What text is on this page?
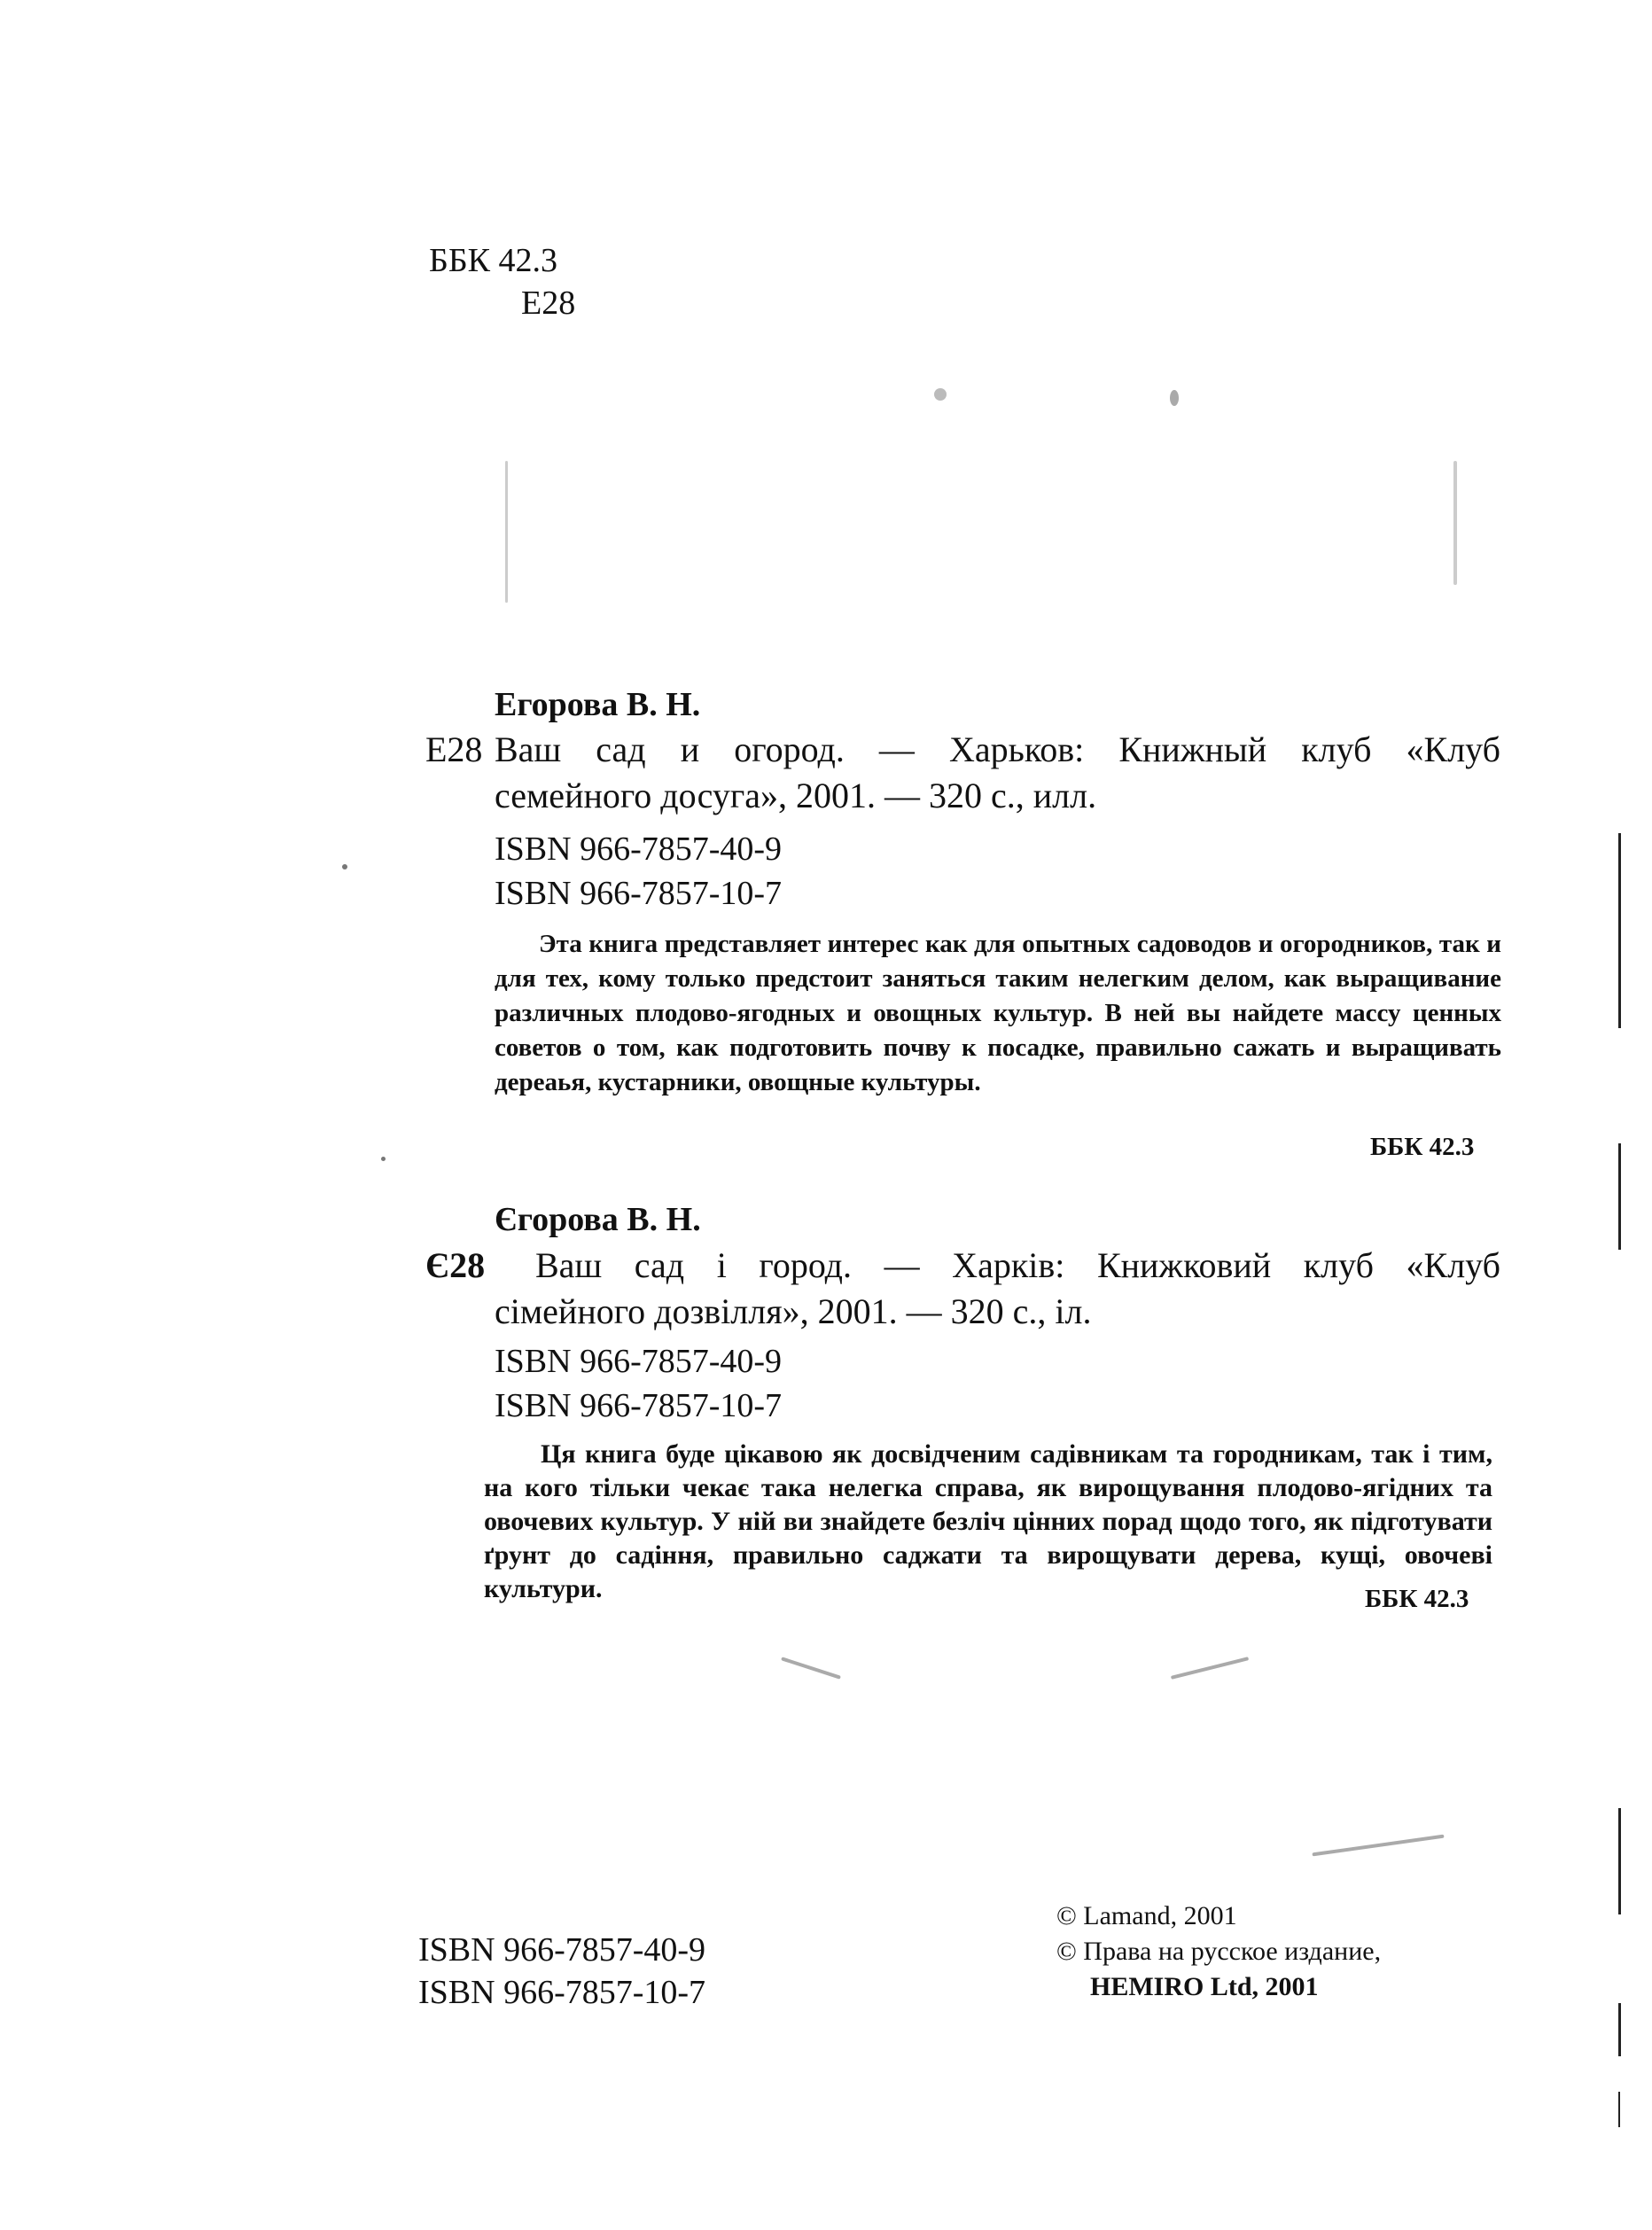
ББК 42.3
Е28
Егорова В. Н.
Е28 Ваш сад и огород. — Харьков: Книжный клуб «Клуб
семейного досуга», 2001. — 320 с., илл.
ISBN 966-7857-40-9
ISBN 966-7857-10-7
Эта книга представляет интерес как для опытных садоводов и огородников, так и для тех, кому только предстоит заняться таким нелегким делом, как выращивание различных плодово-ягодных и овощных культур. В ней вы найдете массу ценных советов о том, как подготовить почву к посадке, правильно сажать и выращивать дереаья, кустарники, овощные культуры.
ББК 42.3
Єгорова В. Н.
Є28 Ваш сад і город. — Харків: Книжковий клуб «Клуб
сімейного дозвілля», 2001. — 320 с., іл.
ISBN 966-7857-40-9
ISBN 966-7857-10-7
Ця книга буде цікавою як досвідченим садівникам та городникам, так і тим, на кого тільки чекає така нелегка справа, як вирощування плодово-ягідних та овочевих культур. У ній ви знайдете безліч цінних порад щодо того, як підготувати ґрунт до садіння, правильно саджати та вирощувати дерева, кущі, овочеві культури.	ББК 42.3
ISBN 966-7857-40-9
ISBN 966-7857-10-7
© Lamand, 2001
© Права на русское издание,
HEMIRO Ltd, 2001
